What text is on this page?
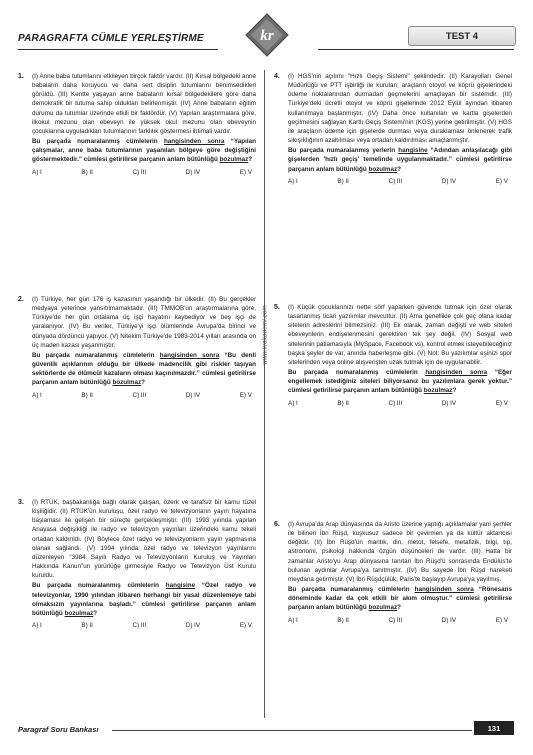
PARAGRAFTA CÜMLE YERLEŞTİRME	kr	TEST 4
www.krakademi.com
1. (I) Anne baba tutumlarını etkileyen birçok faktör vardır. (II) Kırsal bölgedeki anne babaların daha koruyucu ve daha sert disiplin tutumlarını benimsedikleri görüldü. (III) Kentte yaşayan anne babaların kırsal bölgedekilere göre daha demokratik bir tutuma sahip oldukları belirlenmiştir. (IV) Anne babaların eğitim durumu da tutumlar üzerinde etkili bir faktördür. (V) Yapılan araştırmalara göre, ilkokul mezunu olan ebeveyn ile yüksek okul mezunu olan ebeveynin çocuklarına uyguladıkları tutumlarının farklılık göstermesi ihtimali vardır.

Bu parçada numaralanmış cümlelerin hangisinden sonra “Yapılan çalışmalar, anne baba tutumlarının yaşanılan bölgeye göre değiştiğini göstermektedir.” cümlesi getirilirse parçanın anlam bütünlüğü bozulmaz?

A) I	B) II	C) III	D) IV	E) V
2. (I) Türkiye, her gün 176 iş kazasının yaşandığı bir ülkedir. (II) Bu gerçekler medyaya yeterince yansıtılmamaktadır. (III) TMMOB'un araştırmalarına göre, Türkiye'de her gün ortalama üç işçi hayatını kaybediyor ve beş işçi de yaralanıyor. (IV) Bu veriler, Türkiye'yi işçi ölümlerinde Avrupa'da birinci ve dünyada dördüncü yapıyor. (V) Nitekim Türkiye'de 1983-2014 yılları arasında on üç maden kazası yaşanmıştır.

Bu parçada numaralanmış cümlelerin hangisinden sonra “Bu denli güvenlik açıklarının olduğu bir ülkede madencilik gibi riskler taşıyan sektörlerde de ölümcül kazaların olması kaçınılmazdır.” cümlesi getirilirse parçanın anlam bütünlüğü bozulmaz?

A) I	B) II	C) III	D) IV	E) V
3. (I) RTÜK, başbakanlığa bağlı olarak çalışan, özerk ve tarafsız bir kamu tüzel kişiliğidir. (II) RTÜK'ün kuruluşu, özel radyo ve televizyonların yayın hayatına başlaması ile gelişen bir süreçte gerçekleşmiştir. (III) 1993 yılında yapılan Anayasa değişikliği ile radyo ve televizyon yayınları üzerindeki kamu tekeli ortadan kaldırıldı. (IV) Böylece özel radyo ve televizyonların yayın yapmasına olanak sağlandı. (V) 1994 yılında özel radyo ve televizyon yayınlarını düzenleyen "3984 Sayılı Radyo ve Televizyonların Kuruluş ve Yayınları Hakkında Kanun"un yürürlüğe girmesiyle Radyo ve Televizyon Üst Kurulu kuruldu.

Bu parçada numaralanmış cümlelerin hangisine “Özel radyo ve televizyonlar, 1990 yılından itibaren herhangi bir yasal düzenlemeye tabi olmaksızın yayınlarına başladı.” cümlesi getirilirse parçanın anlam bütünlüğü bozulmaz?

A) I	B) II	C) III	D) IV	E) V
4. (I) HGS'nin açılımı "Hızlı Geçiş Sistemi" şeklindedir. (II) Karayolları Genel Müdürlüğü ve PTT işbirliği ile kurulan; araçların otoyol ve köprü gişelerindeki ödeme noktalarından durmadan geçmelerini amaçlayan bir sistemdir. (III) Türkiye'deki ücretli otoyol ve köprü gişelerinde 2012 Eylül ayından itibaren kullanılmaya başlanmıştır. (IV) Daha önce kullanılan ve kartla gişelerden geçilmesini sağlayan Kartlı Geçiş Sistemi'nin (KGS) yerine getirilmiştir. (V) HGS ile araçların ödeme için gişelerde durması veya duraklaması önlenerek trafik sıkışıklığının azaltılması veya ortadan kaldırılması amaçlanmıştır.

Bu parçada numaralanmış yerlerin hangisine “Adından anlaşılacağı gibi gişelerden 'hızlı geçiş' temelinde uygulanmaktadır.” cümlesi getirilirse parçanın anlam bütünlüğü bozulmaz?

A) I	B) II	C) III	D) IV	E) V
5. (I) Küçük çocuklarınızı nette sörf yaparken güvende tutmak için özel olarak tasarlanmış ticari yazılımlar mevcuttur. (II) Ama genellikle çok geç olana kadar sitelerin adreslerini bilmezsiniz. (III) Ek olarak, zaman değişti ve web siteleri ebeveynlerin endişelenmesini gerektiren tek şey değil. (IV) Sosyal web sitelerinin patlamasıyla (MySpace, Facebook vs), kontrol etmek isteyebileceğiniz başka şeyler de var, anında haberleşme gibi. (V) Not: Bu yazılımlar eşinizi spor sitelerinden veya online alışverişten uzak tutmak için de uygulanabilir.

Bu parçada numaralanmış cümlelerin hangisinden sonra “Eğer engellemek istediğiniz siteleri biliyorsanız bu yazılımlara gerek yoktur.” cümlesi getirilirse parçanın anlam bütünlüğü bozulmaz?

A) I	B) II	C) III	D) IV	E) V
6. (I) Avrupa'da Arap dünyasında da Aristo üzerine yaptığı açıklamalar yani şerhler ile bilinen İbn Rüşd, kuşkusuz sadece bir çevirmen ya da kültür aktarıcısı değildir. (II) İbn Rüşd'ün mantık, din, metot, felsefe, metafizik, bilgi, tıp, astronomi, psikoloji hakkında özgün düşünceleri de vardır. (III) Hatta bir zamanlar Aristo'yu Arap dünyasına tanıtan İbn Rüşd'ü sonrasında Endülüs'te bulunan aydınlar Avrupa'ya tanıtmıştır. (IV) Bu sayede İbn Rüşd hareketi meydana getirmiştir. (V) İbn Rüşdçülük, Paris'te başlayıp Avrupa'ya yayılmış.

Bu parçada numaralanmış cümlelerin hangisinden sonra “Rönesans döneminde kadar da çok etkili bir akım olmuştur.” cümlesi getirilirse parçanın anlam bütünlüğü bozulmaz?

A) I	B) II	C) III	D) IV	E) V
Paragraf Soru Bankası	131
